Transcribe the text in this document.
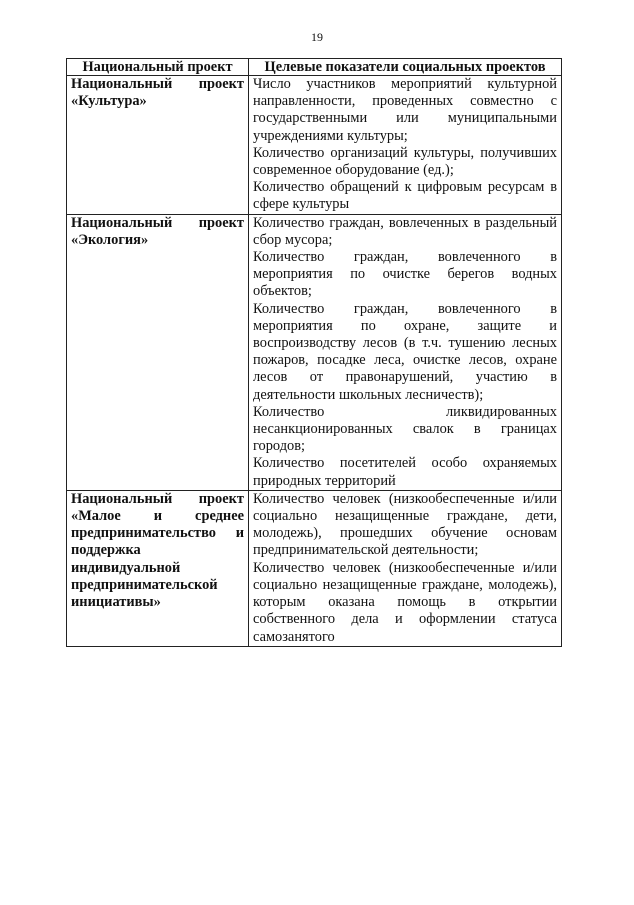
19
Национальный проект	Целевые показатели социальных проектов
Национальный проект «Культура»	Число участников мероприятий культурной направленности, проведенных совместно с государственными или муниципальными учреждениями культуры;
Количество организаций культуры, получивших современное оборудование (ед.);
Количество обращений к цифровым ресурсам в сфере культуры

Национальный проект «Экология»	Количество граждан, вовлеченных в раздельный сбор мусора;
Количество граждан, вовлеченного в мероприятия по очистке берегов водных объектов;
Количество граждан, вовлеченного в мероприятия по охране, защите и воспроизводству лесов (в т.ч. тушению лесных пожаров, посадке леса, очистке лесов, охране лесов от правонарушений, участию в деятельности школьных лесничеств);
Количество ликвидированных несанкционированных свалок в границах городов;
Количество посетителей особо охраняемых природных территорий

Национальный проект «Малое и среднее предпринимательство и поддержка индивидуальной предпринимательской инициативы»	Количество человек (низкообеспеченные и/или социально незащищенные граждане, дети, молодежь), прошедших обучение основам предпринимательской деятельности;
Количество человек (низкообеспеченные и/или социально незащищенные граждане, молодежь), которым оказана помощь в открытии собственного дела и оформлении статуса самозанятого
